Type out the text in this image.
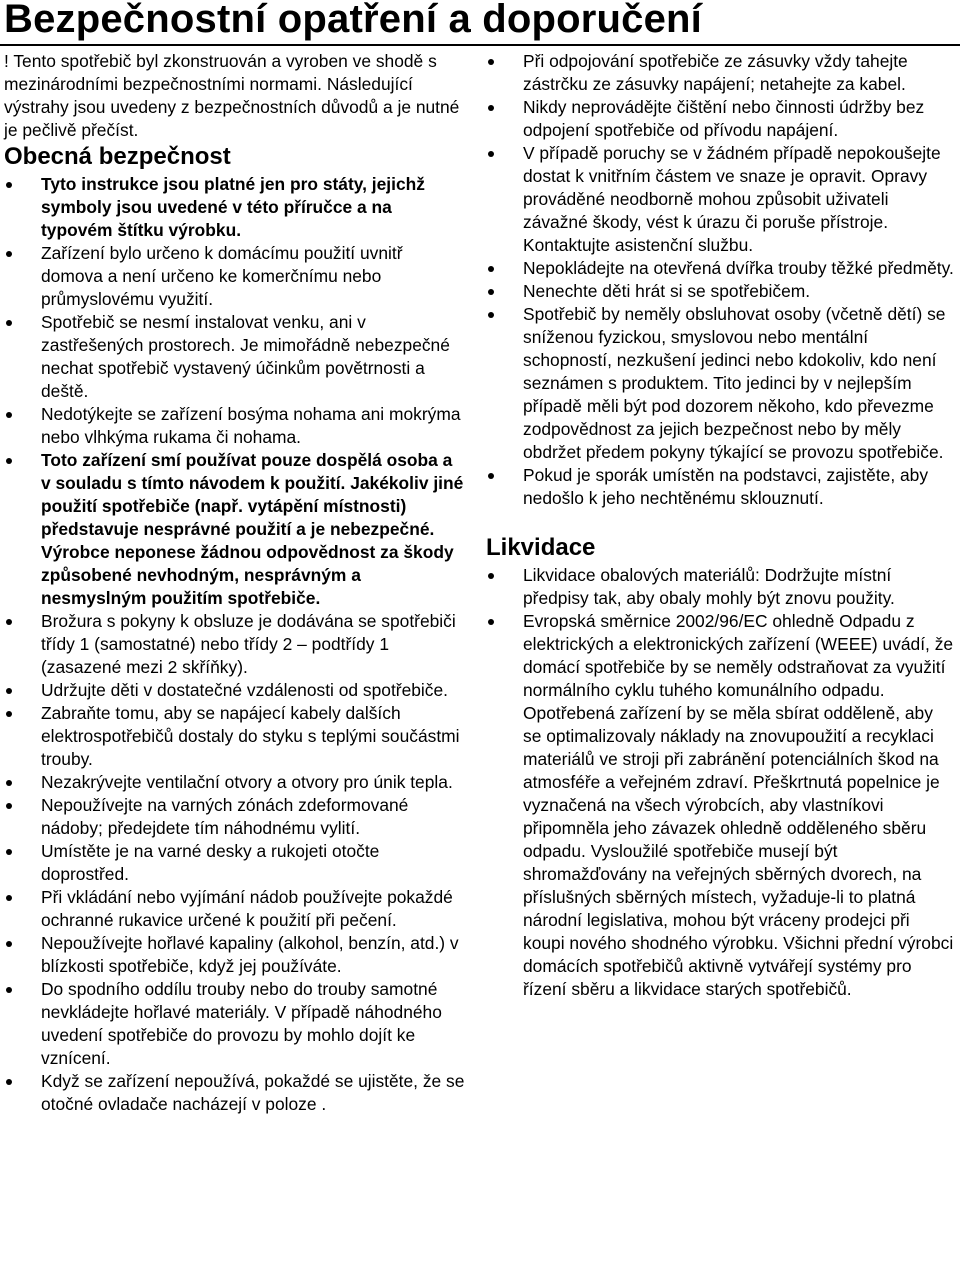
Bezpečnostní opatření a doporučení

! Tento spotřebič byl zkonstruován a vyroben ve shodě s mezinárodními bezpečnostními normami. Následující výstrahy jsou uvedeny z bezpečnostních důvodů a je nutné je pečlivě přečíst.

Obecná bezpečnost
Tyto instrukce jsou platné jen pro státy, jejichž symboly jsou uvedené v této příručce a na typovém štítku výrobku.
Zařízení bylo určeno k domácímu použití uvnitř domova a není určeno ke komerčnímu nebo průmyslovému využití.
Spotřebič se nesmí instalovat venku, ani v zastřešených prostorech. Je mimořádně nebezpečné nechat spotřebič vystavený účinkům povětrnosti a deště.
Nedotýkejte se zařízení bosýma nohama ani mokrýma nebo vlhkýma rukama či nohama.
Toto zařízení smí používat pouze dospělá osoba a v souladu s tímto návodem k použití. Jakékoliv jiné použití spotřebiče (např. vytápění místnosti) představuje nesprávné použití a je nebezpečné. Výrobce neponese žádnou odpovědnost za škody způsobené nevhodným, nesprávným a nesmyslným použitím spotřebiče.
Brožura s pokyny k obsluze je dodávána se spotřebiči třídy 1 (samostatné) nebo třídy 2 – podtřídy 1 (zasazené mezi 2 skříňky).
Udržujte děti v dostatečné vzdálenosti od spotřebiče.
Zabraňte tomu, aby se napájecí kabely dalších elektrospotřebičů dostaly do styku s teplými součástmi trouby.
Nezakrývejte ventilační otvory a otvory pro únik tepla.
Nepoužívejte na varných zónách zdeformované nádoby; předejdete tím náhodnému vylití.
Umístěte je na varné desky a rukojeti otočte doprostřed.
Při vkládání nebo vyjímání nádob používejte pokaždé ochranné rukavice určené k použití při pečení.
Nepoužívejte hořlavé kapaliny (alkohol, benzín, atd.) v blízkosti spotřebiče, když jej používáte.
Do spodního oddílu trouby nebo do trouby samotné nevkládejte hořlavé materiály. V případě náhodného uvedení spotřebiče do provozu by mohlo dojít ke vznícení.
Když se zařízení nepoužívá, pokaždé se ujistěte, že se otočné ovladače nacházejí v poloze .
Při odpojování spotřebiče ze zásuvky vždy tahejte zástrčku ze zásuvky napájení; netahejte za kabel.
Nikdy neprovádějte čištění nebo činnosti údržby bez odpojení spotřebiče od přívodu napájení.
V případě poruchy se v žádném případě nepokoušejte dostat k vnitřním částem ve snaze je opravit. Opravy prováděné neodborně mohou způsobit uživateli závažné škody, vést k úrazu či poruše přístroje. Kontaktujte asistenční službu.
Nepokládejte na otevřená dvířka trouby těžké předměty.
Nenechte děti hrát si se spotřebičem.
Spotřebič by neměly obsluhovat osoby (včetně dětí) se sníženou fyzickou, smyslovou nebo mentální schopností, nezkušení jedinci nebo kdokoliv, kdo není seznámen s produktem. Tito jedinci by v nejlepším případě měli být pod dozorem někoho, kdo převezme zodpovědnost za jejich bezpečnost nebo by měly obdržet předem pokyny týkající se provozu spotřebiče.
Pokud je sporák umístěn na podstavci, zajistěte, aby nedošlo k jeho nechtěnému sklouznutí.
Likvidace
Likvidace obalových materiálů: Dodržujte místní předpisy tak, aby obaly mohly být znovu použity.
Evropská směrnice 2002/96/EC ohledně Odpadu z elektrických a elektronických zařízení (WEEE) uvádí, že domácí spotřebiče by se neměly odstraňovat za využití normálního cyklu tuhého komunálního odpadu. Opotřebená zařízení by se měla sbírat odděleně, aby se optimalizovaly náklady na znovupoužití a recyklaci materiálů ve stroji při zabránění potenciálních škod na atmosféře a veřejném zdraví. Přeškrtnutá popelnice je vyznačená na všech výrobcích, aby vlastníkovi připomněla jeho závazek ohledně odděleného sběru odpadu. Vysloužilé spotřebiče musejí být shromažďovány na veřejných sběrných dvorech, na příslušných sběrných místech, vyžaduje-li to platná národní legislativa, mohou být vráceny prodejci při koupi nového shodného výrobku. Všichni přední výrobci domácích spotřebičů aktivně vytvářejí systémy pro řízení sběru a likvidace starých spotřebičů.
